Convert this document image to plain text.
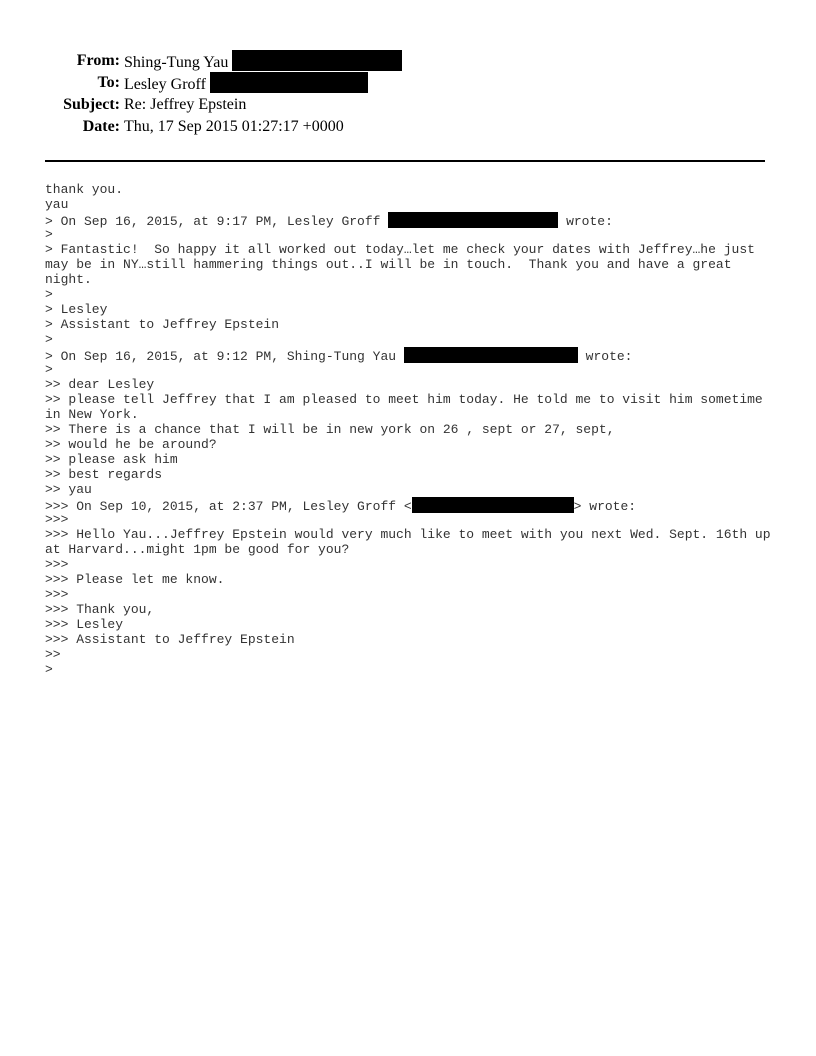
From: Shing-Tung Yau
To: Lesley Groff
Subject: Re: Jeffrey Epstein
Date: Thu, 17 Sep 2015 01:27:17 +0000
thank you.
yau
> On Sep 16, 2015, at 9:17 PM, Lesley Groff	wrote:
>
> Fantastic!  So happy it all worked out today…let me check your dates with Jeffrey…he just
may be in NY…still hammering things out..I will be in touch.  Thank you and have a great
night.
>
> Lesley
> Assistant to Jeffrey Epstein
>
> On Sep 16, 2015, at 9:12 PM, Shing-Tung Yau	wrote:
>
>> dear Lesley
>> please tell Jeffrey that I am pleased to meet him today. He told me to visit him sometime
in New York.
>> There is a chance that I will be in new york on 26 , sept or 27, sept,
>> would he be around?
>> please ask him
>> best regards
>> yau
>>> On Sep 10, 2015, at 2:37 PM, Lesley Groff <	> wrote:
>>>
>>> Hello Yau...Jeffrey Epstein would very much like to meet with you next Wed. Sept. 16th up
at Harvard...might 1pm be good for you?
>>>
>>> Please let me know.
>>>
>>> Thank you,
>>> Lesley
>>> Assistant to Jeffrey Epstein
>>
>
